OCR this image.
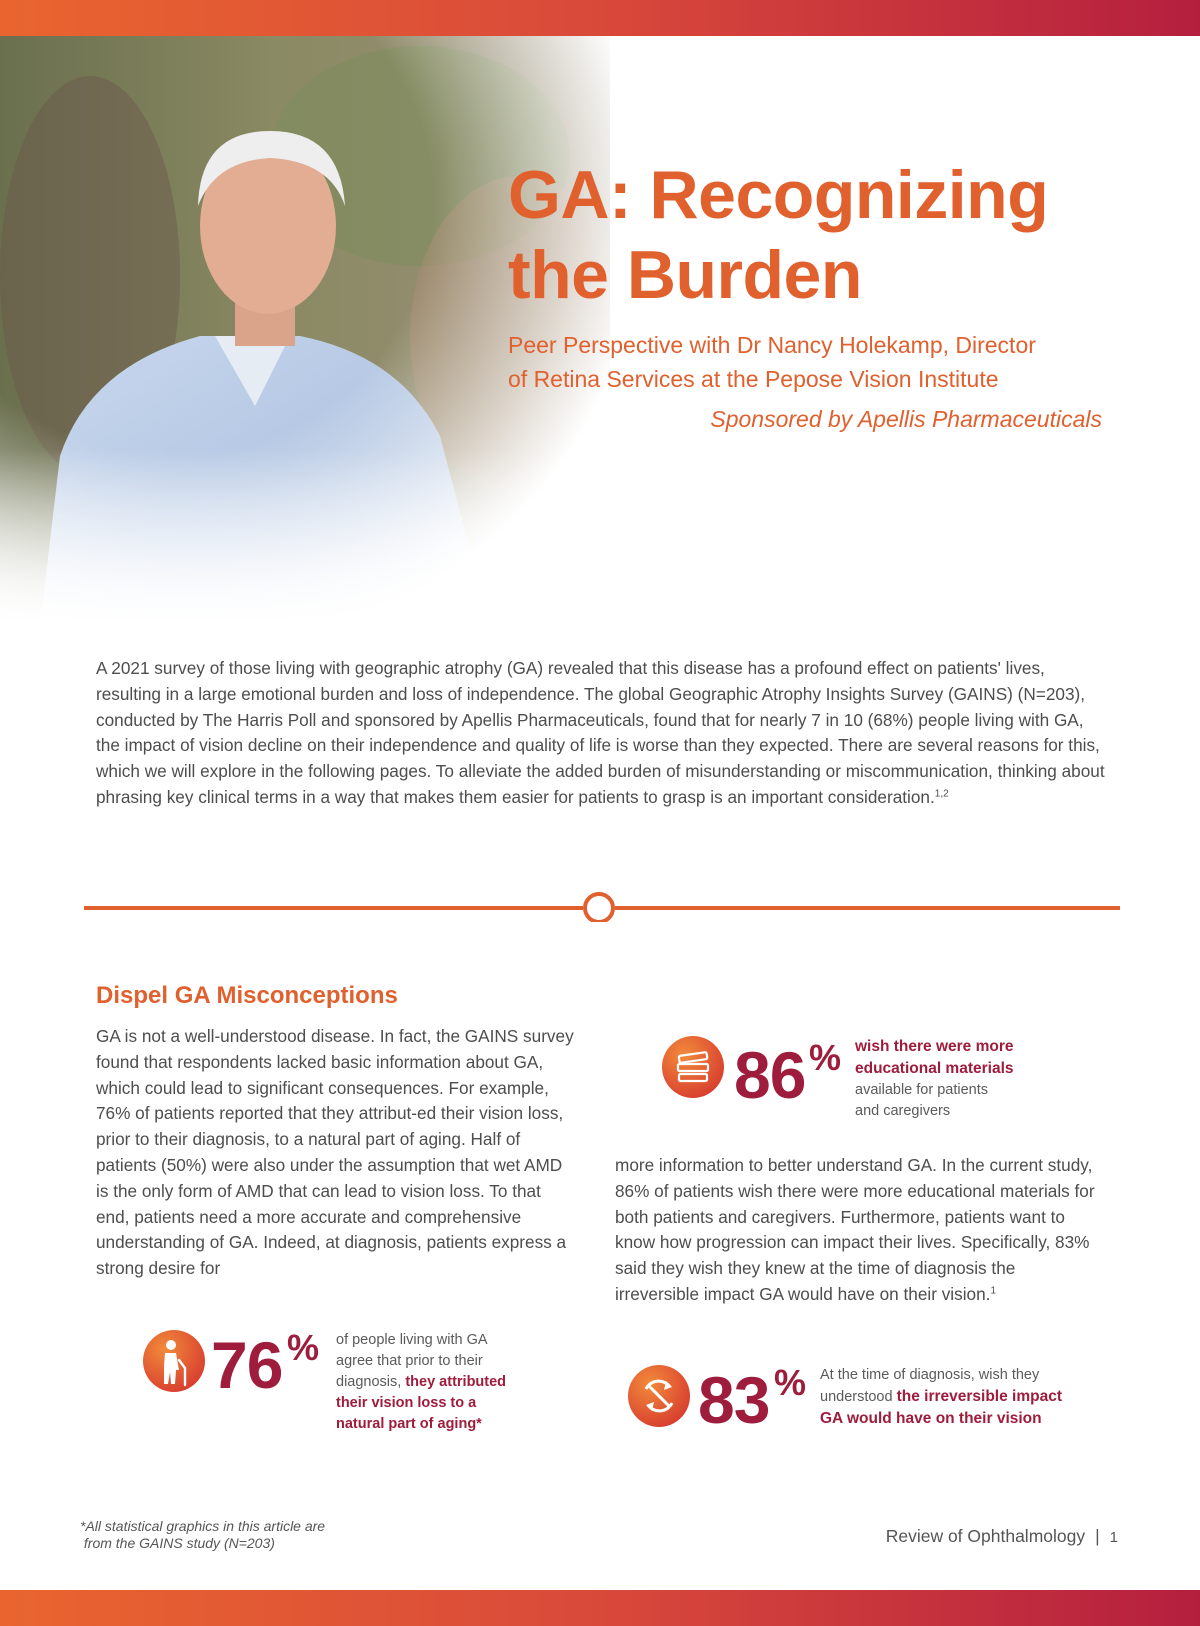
GA: Recognizing
the Burden

Peer Perspective with Dr Nancy Holekamp, Director
of Retina Services at the Pepose Vision Institute

Sponsored by Apellis Pharmaceuticals

A 2021 survey of those living with geographic atrophy (GA) revealed that this disease has a profound effect on patients' lives, resulting in a large emotional burden and loss of independence. The global Geographic Atrophy Insights Survey (GAINS) (N=203), conducted by The Harris Poll and sponsored by Apellis Pharmaceuticals, found that for nearly 7 in 10 (68%) people living with GA, the impact of vision decline on their independence and quality of life is worse than they expected. There are several reasons for this, which we will explore in the following pages. To alleviate the added burden of misunderstanding or miscommunication, thinking about phrasing key clinical terms in a way that makes them easier for patients to grasp is an important consideration.$^{1,2}$

Dispel GA Misconceptions

GA is not a well-understood disease. In fact, the GAINS survey found that respondents lacked basic information about GA, which could lead to significant consequences. For example, 76% of patients reported that they attribut-ed their vision loss, prior to their diagnosis, to a natural part of aging. Half of patients (50%) were also under the assumption that wet AMD is the only form of AMD that can lead to vision loss. To that end, patients need a more accurate and comprehensive understanding of GA. Indeed, at diagnosis, patients express a strong desire for

more information to better understand GA. In the current study, 86% of patients wish there were more educational materials for both patients and caregivers. Furthermore, patients want to know how progression can impact their lives. Specifically, 83% said they wish they knew at the time of diagnosis the irreversible impact GA would have on their vision.$^1$

86 % wish there were more
educational materials
available for patients
and caregivers
76 % of people living with GA
agree that prior to their
diagnosis, they attributed
their vision loss to a
natural part of aging*	83 % At the time of diagnosis, wish they
understood the irreversible impact
GA would have on their vision

*All statistical graphics in this article are
from the GAINS study (N=203)	Review of Ophthalmology | 1
